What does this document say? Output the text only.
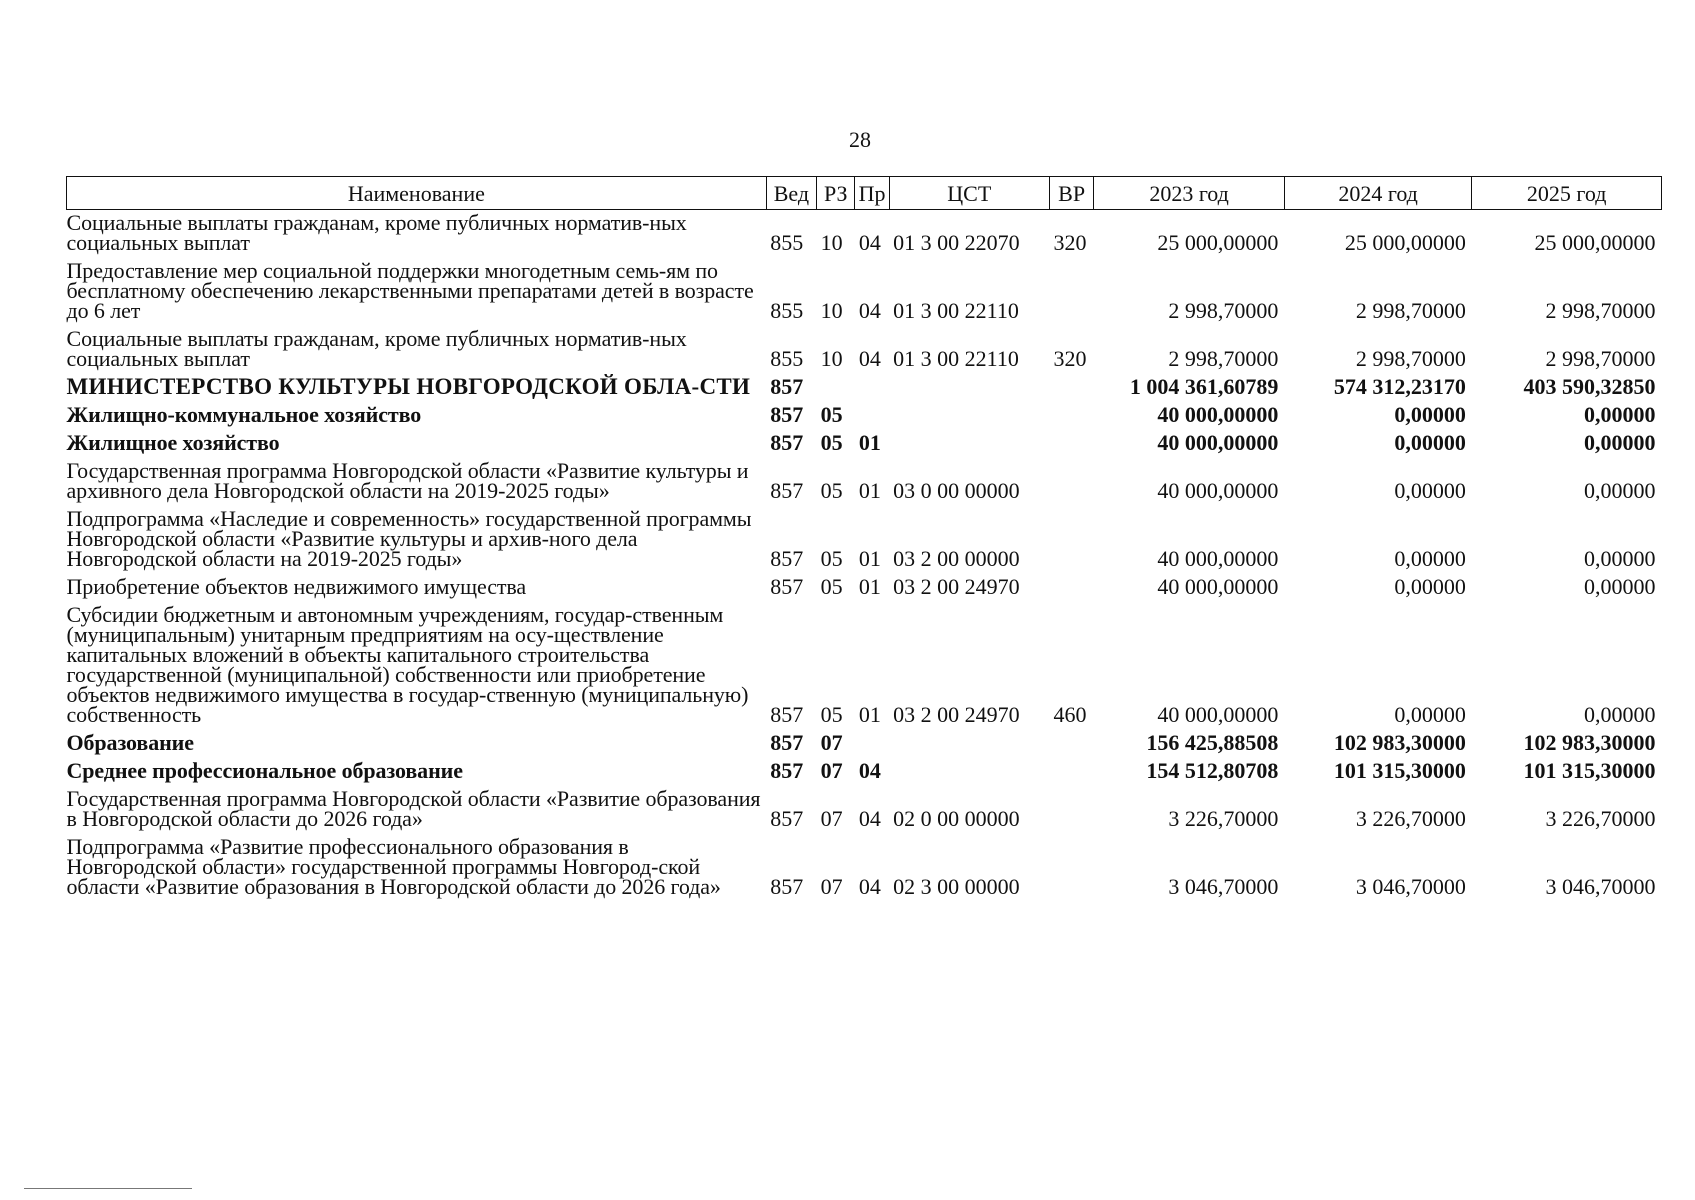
28
Наименование	Вед	РЗ	Пр	ЦСТ	ВР	2023 год	2024 год	2025 год
Социальные выплаты гражданам, кроме публичных норматив-ных социальных выплат	855	10	04	01 3 00 22070	320	25 000,00000	25 000,00000	25 000,00000
Предоставление мер социальной поддержки многодетным семь-ям по бесплатному обеспечению лекарственными препаратами детей в возрасте до 6 лет	855	10	04	01 3 00 22110		2 998,70000	2 998,70000	2 998,70000
Социальные выплаты гражданам, кроме публичных норматив-ных социальных выплат	855	10	04	01 3 00 22110	320	2 998,70000	2 998,70000	2 998,70000
МИНИСТЕРСТВО КУЛЬТУРЫ НОВГОРОДСКОЙ ОБЛА-СТИ	857					1 004 361,60789	574 312,23170	403 590,32850
Жилищно-коммунальное хозяйство	857	05				40 000,00000	0,00000	0,00000
Жилищное хозяйство	857	05	01			40 000,00000	0,00000	0,00000
Государственная программа Новгородской области «Развитие культуры и архивного дела Новгородской области на 2019-2025 годы»	857	05	01	03 0 00 00000		40 000,00000	0,00000	0,00000
Подпрограмма «Наследие и современность» государственной программы Новгородской области «Развитие культуры и архив-ного дела Новгородской области на 2019-2025 годы»	857	05	01	03 2 00 00000		40 000,00000	0,00000	0,00000
Приобретение объектов недвижимого имущества	857	05	01	03 2 00 24970		40 000,00000	0,00000	0,00000
Субсидии бюджетным и автономным учреждениям, государ-ственным (муниципальным) унитарным предприятиям на осу-ществление капитальных вложений в объекты капитального строительства государственной (муниципальной) собственности или приобретение объектов недвижимого имущества в государ-ственную (муниципальную) собственность	857	05	01	03 2 00 24970	460	40 000,00000	0,00000	0,00000
Образование	857	07				156 425,88508	102 983,30000	102 983,30000
Среднее профессиональное образование	857	07	04			154 512,80708	101 315,30000	101 315,30000
Государственная программа Новгородской области «Развитие образования в Новгородской области до 2026 года»	857	07	04	02 0 00 00000		3 226,70000	3 226,70000	3 226,70000
Подпрограмма «Развитие профессионального образования в Новгородской области» государственной программы Новгород-ской области «Развитие образования в Новгородской области до 2026 года»	857	07	04	02 3 00 00000		3 046,70000	3 046,70000	3 046,70000
